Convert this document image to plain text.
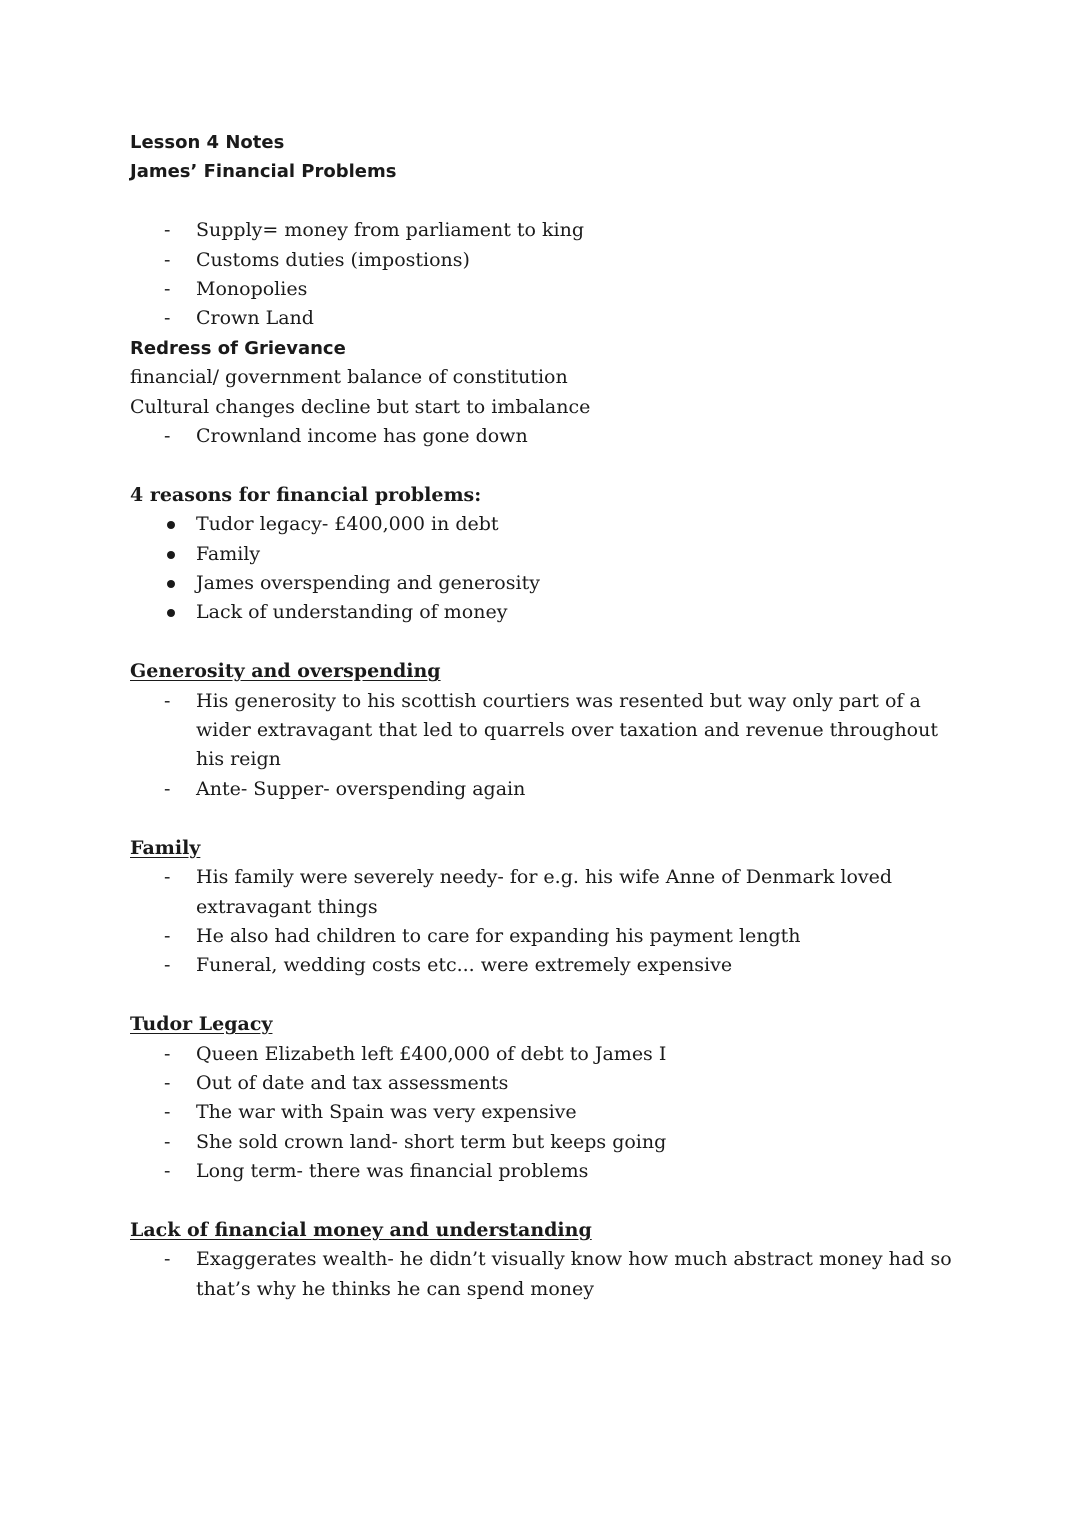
Lesson 4 Notes
James’ Financial Problems
-	Supply= money from parliament to king
-	Customs duties (impostions)
-	Monopolies
-	Crown Land
Redress of Grievance
financial/ government balance of constitution
Cultural changes decline but start to imbalance
-	Crownland income has gone down
4 reasons for financial problems:
Tudor legacy- £400,000 in debt
Family
James overspending and generosity
Lack of understanding of money
Generosity and overspending
-	His generosity to his scottish courtiers was resented but way only part of a wider extravagant that led to quarrels over taxation and revenue throughout his reign
-	Ante- Supper- overspending again
Family
-	His family were severely needy- for e.g. his wife Anne of Denmark loved extravagant things
-	He also had children to care for expanding his payment length
-	Funeral, wedding costs etc... were extremely expensive
Tudor Legacy
-	Queen Elizabeth left £400,000 of debt to James I
-	Out of date and tax assessments
-	The war with Spain was very expensive
-	She sold crown land- short term but keeps going
-	Long term- there was financial problems
Lack of financial money and understanding
-	Exaggerates wealth- he didn’t visually know how much abstract money had so that’s why he thinks he can spend money
